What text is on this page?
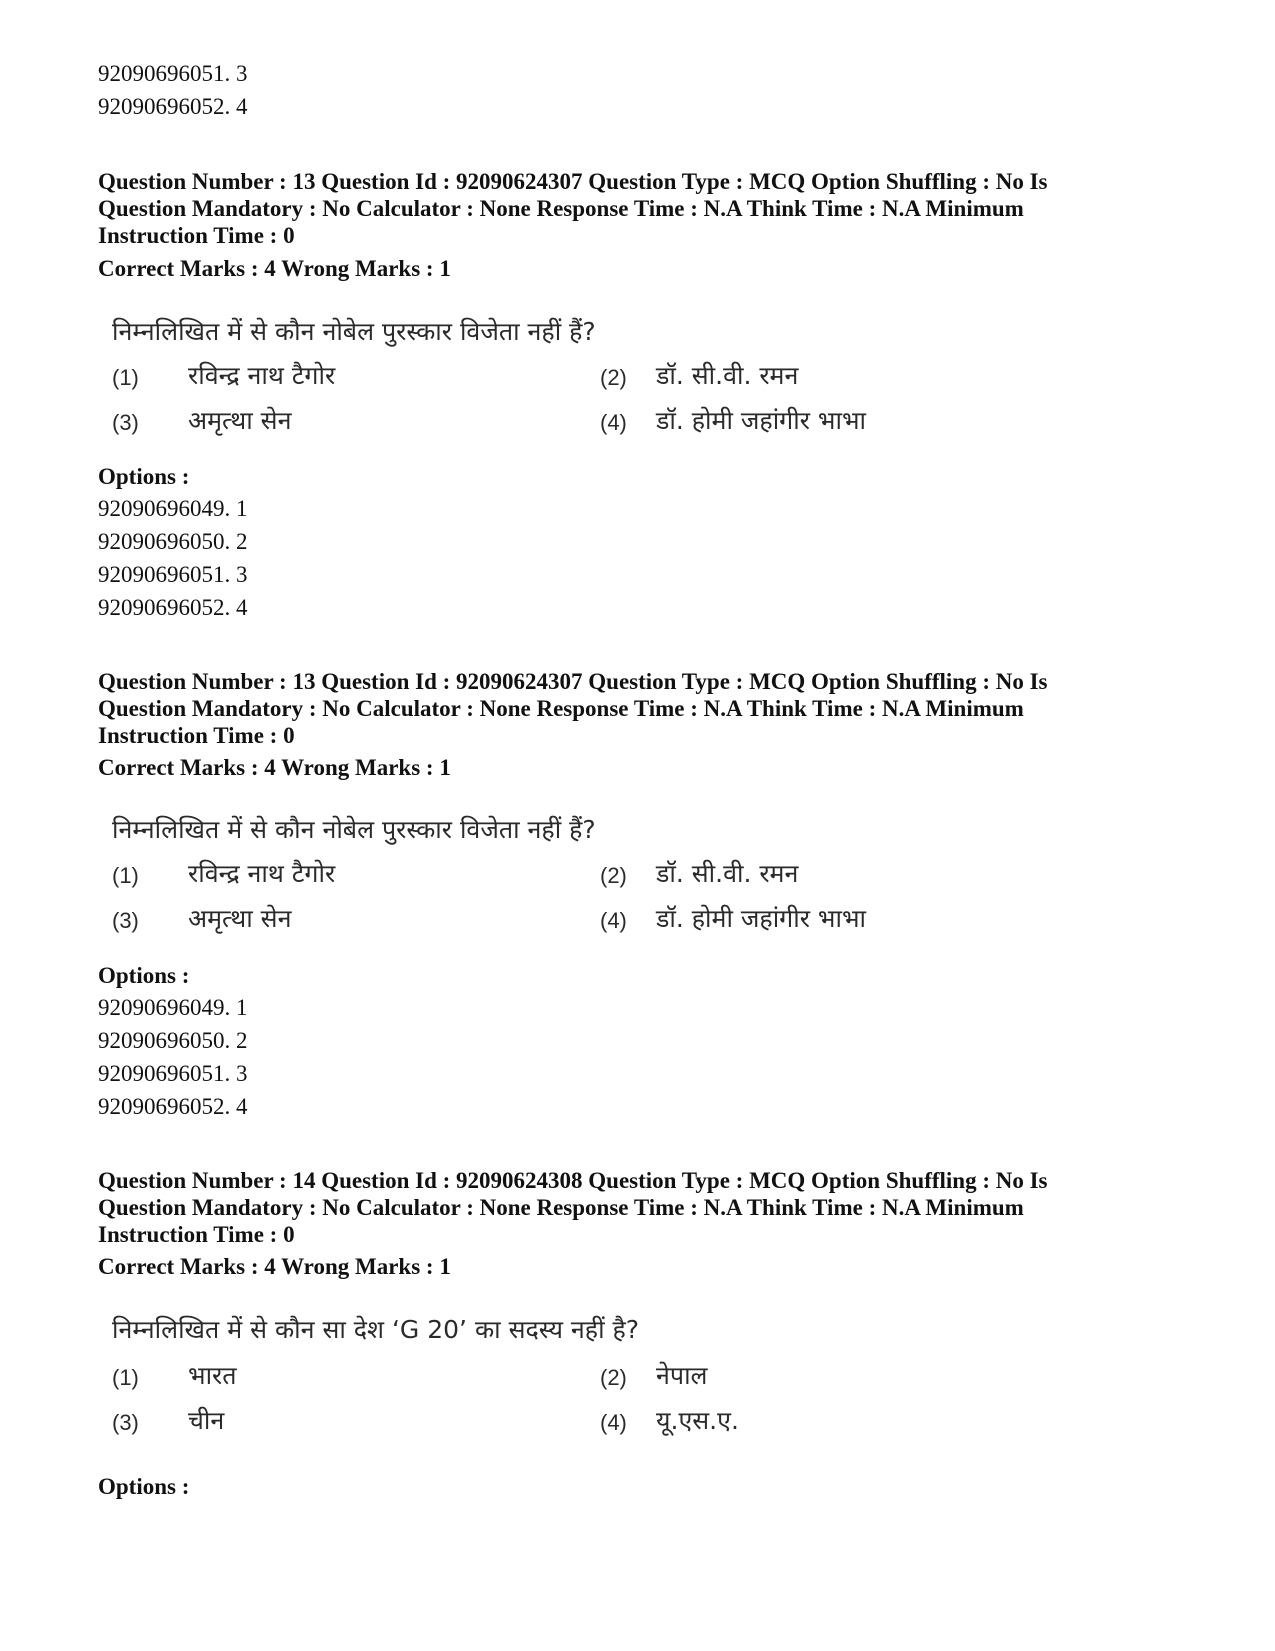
92090696051. 3
92090696052. 4
Question Number : 13 Question Id : 92090624307 Question Type : MCQ Option Shuffling : No Is
Question Mandatory : No Calculator : None Response Time : N.A Think Time : N.A Minimum
Instruction Time : 0
Correct Marks : 4 Wrong Marks : 1
निम्नलिखित में से कौन नोबेल पुरस्कार विजेता नहीं हैं?
(1) रविन्द्र नाथ टैगोर	(2) डॉ. सी.वी. रमन
(3) अमृत्था सेन	(4) डॉ. होमी जहांगीर भाभा
Options :
92090696049. 1
92090696050. 2
92090696051. 3
92090696052. 4
Question Number : 13 Question Id : 92090624307 Question Type : MCQ Option Shuffling : No Is
Question Mandatory : No Calculator : None Response Time : N.A Think Time : N.A Minimum
Instruction Time : 0
Correct Marks : 4 Wrong Marks : 1
निम्नलिखित में से कौन नोबेल पुरस्कार विजेता नहीं हैं?
(1) रविन्द्र नाथ टैगोर	(2) डॉ. सी.वी. रमन
(3) अमृत्था सेन	(4) डॉ. होमी जहांगीर भाभा
Options :
92090696049. 1
92090696050. 2
92090696051. 3
92090696052. 4
Question Number : 14 Question Id : 92090624308 Question Type : MCQ Option Shuffling : No Is
Question Mandatory : No Calculator : None Response Time : N.A Think Time : N.A Minimum
Instruction Time : 0
Correct Marks : 4 Wrong Marks : 1
निम्नलिखित में से कौन सा देश ‘G 20’ का सदस्य नहीं है?
(1) भारत	(2) नेपाल
(3) चीन	(4) यू.एस.ए.
Options :
